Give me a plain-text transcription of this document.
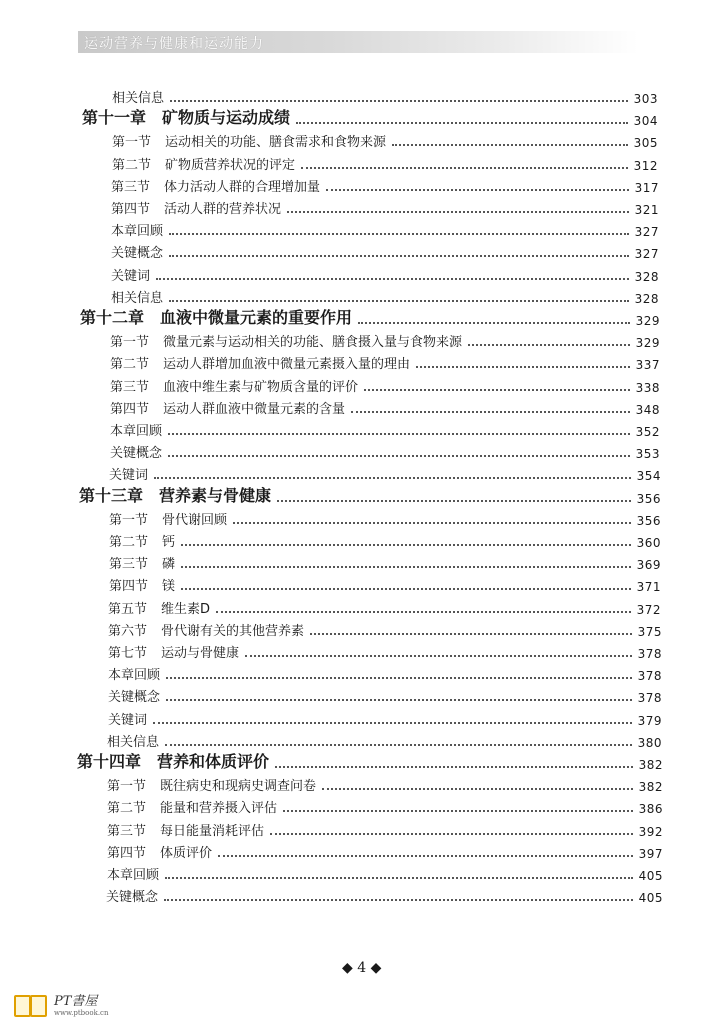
运动营养与健康和运动能力
相关信息	303
第十一章 矿物质与运动成绩	304
第一节 运动相关的功能、膳食需求和食物来源	305
第二节 矿物质营养状况的评定	312
第三节 体力活动人群的合理增加量	317
第四节 活动人群的营养状况	321
本章回顾	327
关键概念	327
关键词	328
相关信息	328
第十二章 血液中微量元素的重要作用	329
第一节 微量元素与运动相关的功能、膳食摄入量与食物来源	329
第二节 运动人群增加血液中微量元素摄入量的理由	337
第三节 血液中维生素与矿物质含量的评价	338
第四节 运动人群血液中微量元素的含量	348
本章回顾	352
关键概念	353
关键词	354
第十三章 营养素与骨健康	356
第一节 骨代谢回顾	356
第二节 钙	360
第三节 磷	369
第四节 镁	371
第五节 维生素D	372
第六节 骨代谢有关的其他营养素	375
第七节 运动与骨健康	378
本章回顾	378
关键概念	378
关键词	379
相关信息	380
第十四章 营养和体质评价	382
第一节 既往病史和现病史调查问卷	382
第二节 能量和营养摄入评估	386
第三节 每日能量消耗评估	392
第四节 体质评价	397
本章回顾	405
关键概念	405
◆ 4 ◆
PT書屋
www.ptbook.cn
